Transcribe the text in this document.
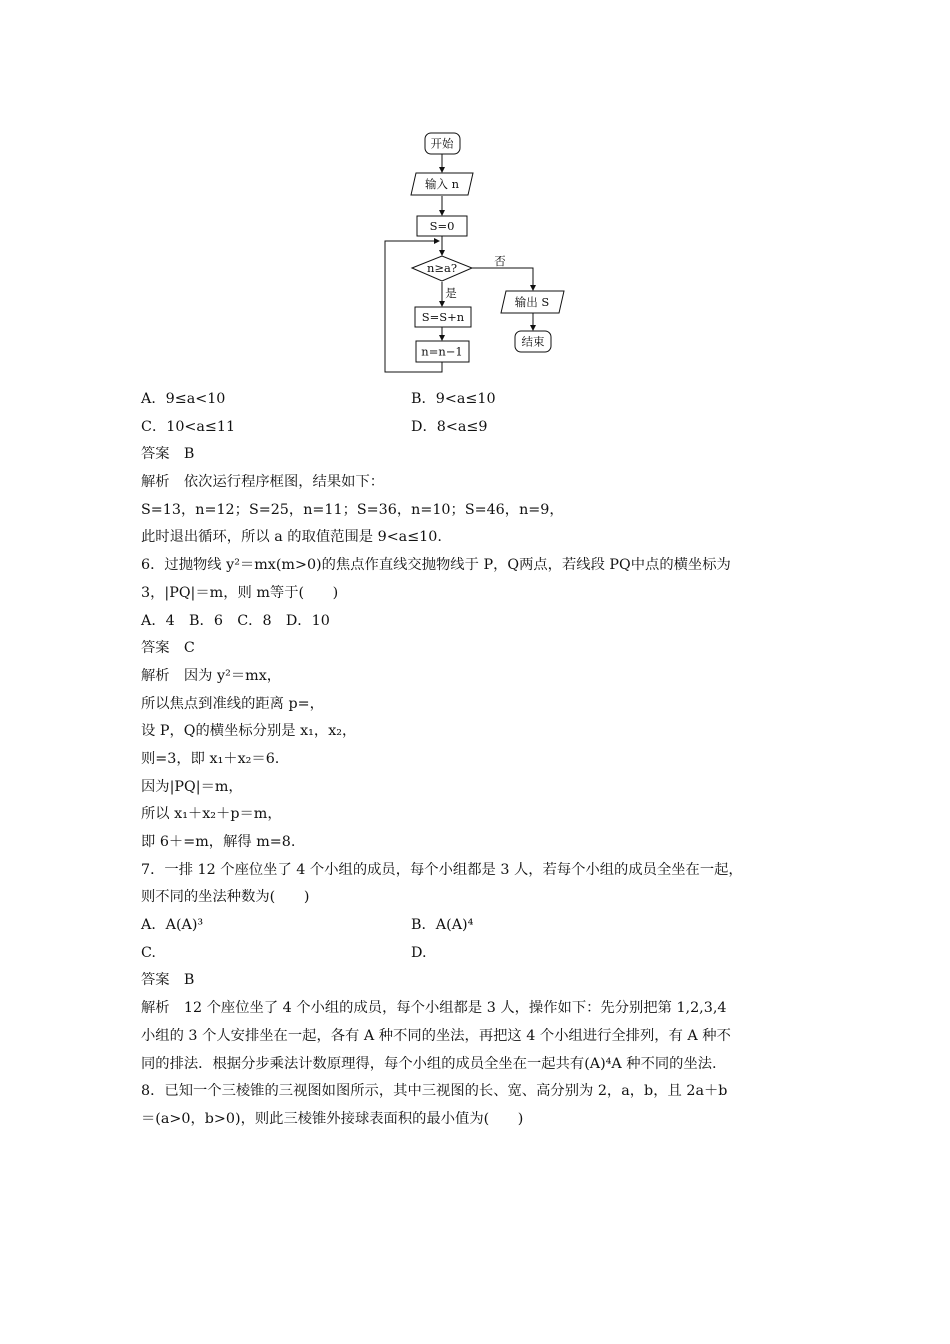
开始
输入 n
S=0
n≥a?	否
是
S=S+n
n=n−1
输出 S
结束
A．9≤a<10	B．9<a≤10
C．10<a≤11	D．8<a≤9
答案　B
解析　依次运行程序框图，结果如下：
S=13，n=12；S=25，n=11；S=36，n=10；S=46，n=9，
此时退出循环，所以 a 的取值范围是 9<a≤10.
6．过抛物线 y²＝mx(m>0)的焦点作直线交抛物线于 P，Q两点，若线段 PQ中点的横坐标为
3，|PQ|＝m，则 m等于(　　)
A．4　B．6　C．8　D．10
答案　C
解析　因为 y²＝mx，
所以焦点到准线的距离 p=，
设 P，Q的横坐标分别是 x₁，x₂，
则=3，即 x₁＋x₂＝6.
因为|PQ|＝m，
所以 x₁＋x₂＋p＝m，
即 6＋=m，解得 m=8.
7．一排 12 个座位坐了 4 个小组的成员，每个小组都是 3 人，若每个小组的成员全坐在一起，
则不同的坐法种数为(　　)
A．A(A)³	B．A(A)⁴
C.	D.
答案　B
解析　12 个座位坐了 4 个小组的成员，每个小组都是 3 人，操作如下：先分别把第 1,2,3,4
小组的 3 个人安排坐在一起，各有 A 种不同的坐法，再把这 4 个小组进行全排列，有 A 种不
同的排法．根据分步乘法计数原理得，每个小组的成员全坐在一起共有(A)⁴A 种不同的坐法.
8．已知一个三棱锥的三视图如图所示，其中三视图的长、宽、高分别为 2，a，b，且 2a＋b
＝(a>0，b>0)，则此三棱锥外接球表面积的最小值为(　　)
